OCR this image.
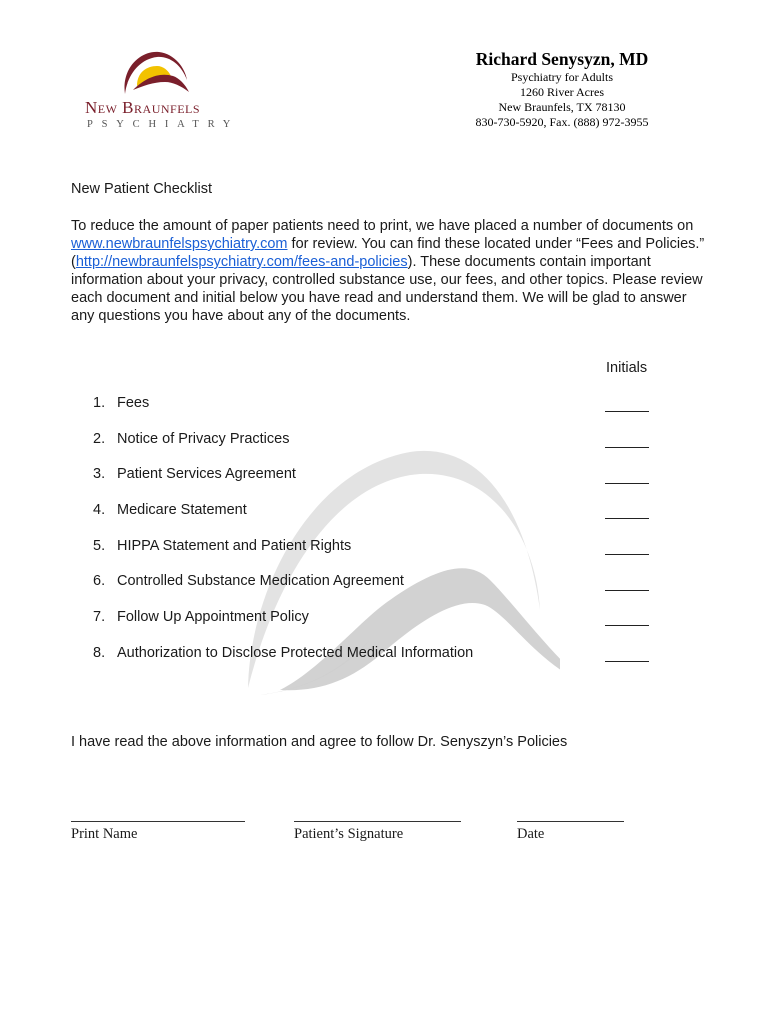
New Braunfels
PSYCHIATRY
Richard Senysyzn, MD
Psychiatry for Adults
1260 River Acres
New Braunfels, TX 78130
830-730-5920, Fax. (888) 972-3955
New Patient Checklist
To reduce the amount of paper patients need to print, we have placed a number of documents on www.newbraunfelspsychiatry.com for review. You can find these located under “Fees and Policies.” (http://newbraunfelspsychiatry.com/fees-and-policies). These documents contain important information about your privacy, controlled substance use, our fees, and other topics. Please review each document and initial below you have read and understand them. We will be glad to answer any questions you have about any of the documents.
Initials
1. Fees
2. Notice of Privacy Practices
3. Patient Services Agreement
4. Medicare Statement
5. HIPPA Statement and Patient Rights
6. Controlled Substance Medication Agreement
7. Follow Up Appointment Policy
8. Authorization to Disclose Protected Medical Information
I have read the above information and agree to follow Dr. Senyszyn’s Policies
Print Name	Patient’s Signature	Date
